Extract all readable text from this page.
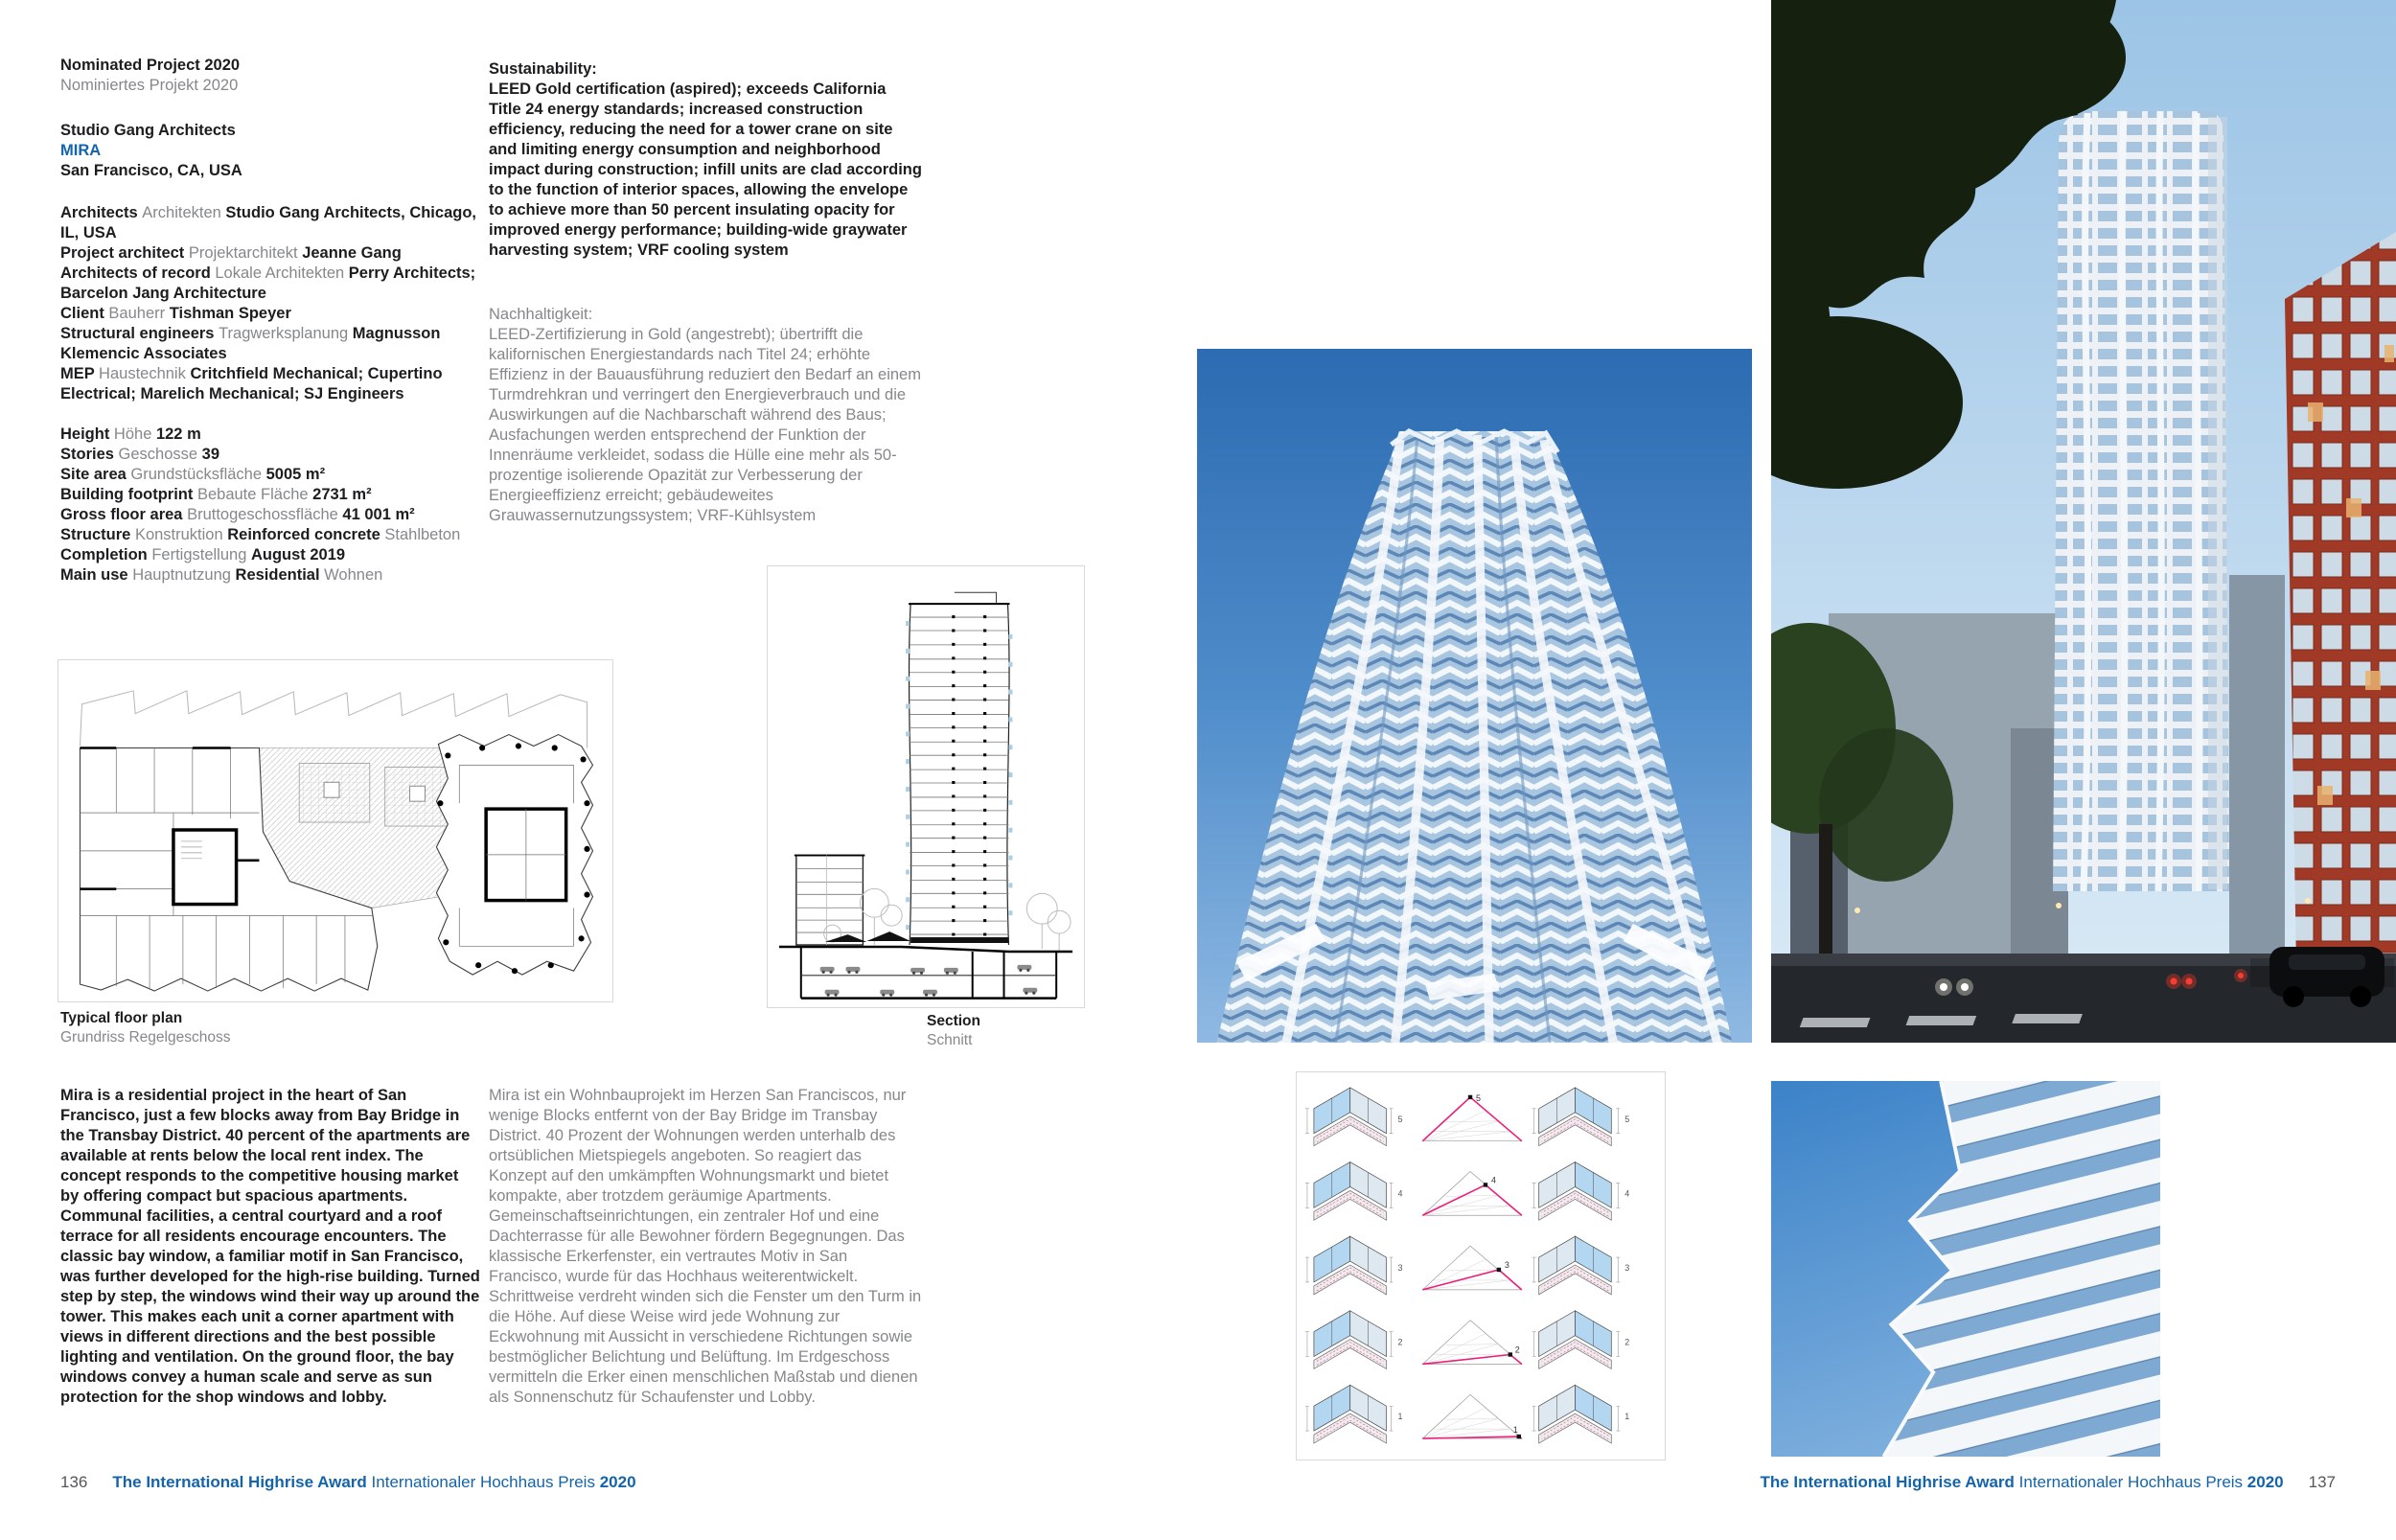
Nominated Project 2020
Nominiertes Projekt 2020
Studio Gang Architects
MIRA
San Francisco, CA, USA
Architects Architekten Studio Gang Architects, Chicago, IL, USA
Project architect Projektarchitekt Jeanne Gang
Architects of record Lokale Architekten Perry Architects; Barcelon Jang Architecture
Client Bauherr Tishman Speyer
Structural engineers Tragwerksplanung Magnusson Klemencic Associates
MEP Haustechnik Critchfield Mechanical; Cupertino Electrical; Marelich Mechanical; SJ Engineers
Height Höhe 122 m
Stories Geschosse 39
Site area Grundstücksfläche 5005 m²
Building footprint Bebaute Fläche 2731 m²
Gross floor area Bruttogeschossfläche 41 001 m²
Structure Konstruktion Reinforced concrete Stahlbeton
Completion Fertigstellung August 2019
Main use Hauptnutzung Residential Wohnen
Sustainability:
LEED Gold certification (aspired); exceeds California Title 24 energy standards; increased construction efficiency, reducing the need for a tower crane on site and limiting energy consumption and neighborhood impact during construction; infill units are clad according to the function of interior spaces, allowing the envelope to achieve more than 50 percent insulating opacity for improved energy performance; building-wide graywater harvesting system; VRF cooling system
Nachhaltigkeit:
LEED-Zertifizierung in Gold (angestrebt); übertrifft die kalifornischen Energiestandards nach Titel 24; erhöhte Effizienz in der Bauausführung reduziert den Bedarf an einem Turmdrehkran und verringert den Energieverbrauch und die Auswirkungen auf die Nachbarschaft während des Baus; Ausfachungen werden entsprechend der Funktion der Innenräume verkleidet, sodass die Hülle eine mehr als 50-prozentige isolierende Opazität zur Verbesserung der Energieeffizienz erreicht; gebäudeweites Grauwassernutzungssystem; VRF-Kühlsystem
Typical floor plan
Grundriss Regelgeschoss
Section
Schnitt
Mira is a residential project in the heart of San Francisco, just a few blocks away from Bay Bridge in the Transbay District. 40 percent of the apartments are available at rents below the local rent index. The concept responds to the competitive housing market by offering compact but spacious apartments. Communal facilities, a central courtyard and a roof terrace for all residents encourage encounters. The classic bay window, a familiar motif in San Francisco, was further developed for the high-rise building. Turned step by step, the windows wind their way up around the tower. This makes each unit a corner apartment with views in different directions and the best possible lighting and ventilation. On the ground floor, the bay windows convey a human scale and serve as sun protection for the shop windows and lobby.
Mira ist ein Wohnbauprojekt im Herzen San Franciscos, nur wenige Blocks entfernt von der Bay Bridge im Transbay District. 40 Prozent der Wohnungen werden unterhalb des ortsüblichen Mietspiegels angeboten. So reagiert das Konzept auf den umkämpften Wohnungsmarkt und bietet kompakte, aber trotzdem geräumige Apartments. Gemeinschaftseinrichtungen, ein zentraler Hof und eine Dachterrasse für alle Bewohner fördern Begegnungen. Das klassische Erkerfenster, ein vertrautes Motiv in San Francisco, wurde für das Hochhaus weiterentwickelt. Schrittweise verdreht winden sich die Fenster um den Turm in die Höhe. Auf diese Weise wird jede Wohnung zur Eckwohnung mit Aussicht in verschiedene Richtungen sowie bestmöglicher Belichtung und Belüftung. Im Erdgeschoss vermitteln die Erker einen menschlichen Maßstab und dienen als Sonnenschutz für Schaufenster und Lobby.
5
5	5
4
4	4
3
3	3
2
2	2
1
1	1
136 The International Highrise Award Internationaler Hochhaus Preis 2020	The International Highrise Award Internationaler Hochhaus Preis 2020 137
